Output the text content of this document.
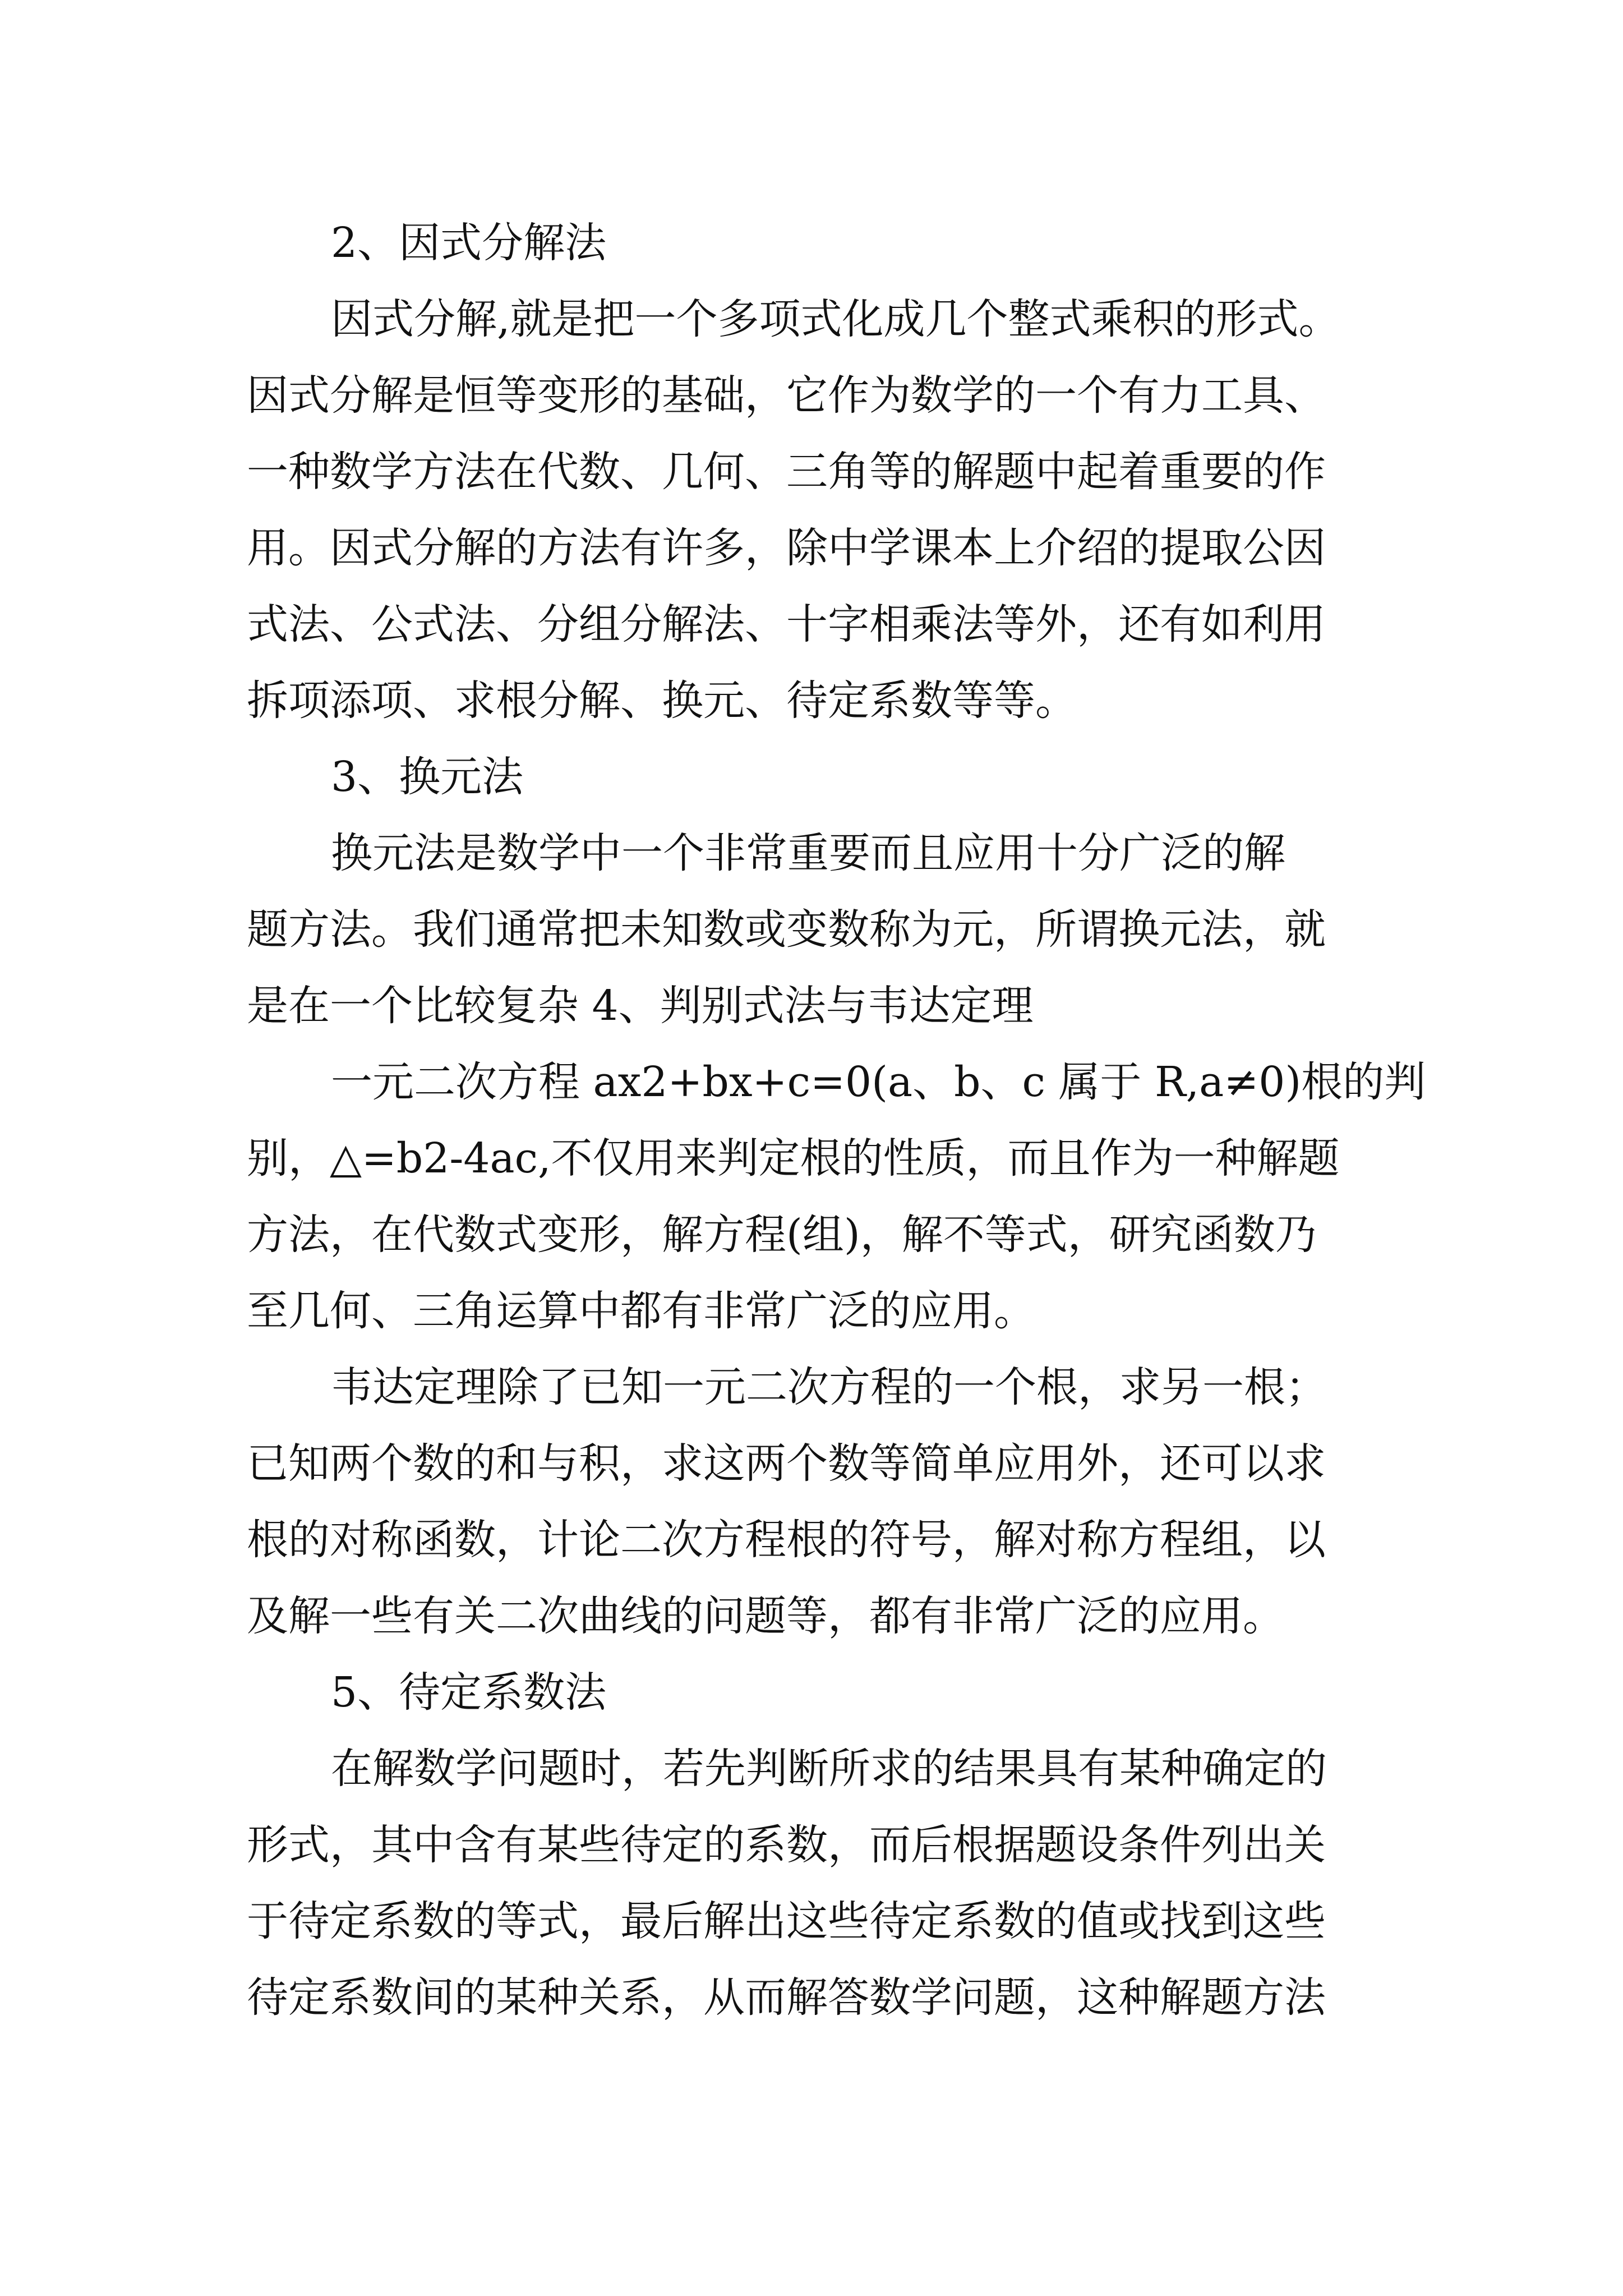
2、因式分解法
因式分解,就是把一个多项式化成几个整式乘积的形式。
因式分解是恒等变形的基础，它作为数学的一个有力工具、
一种数学方法在代数、几何、三角等的解题中起着重要的作
用。因式分解的方法有许多，除中学课本上介绍的提取公因
式法、公式法、分组分解法、十字相乘法等外，还有如利用
拆项添项、求根分解、换元、待定系数等等。
3、换元法
换元法是数学中一个非常重要而且应用十分广泛的解
题方法。我们通常把未知数或变数称为元，所谓换元法，就
是在一个比较复杂 4、判别式法与韦达定理
一元二次方程 ax2+bx+c=0(a、b、c 属于 R,a≠0)根的判
别，△=b2-4ac,不仅用来判定根的性质，而且作为一种解题
方法，在代数式变形，解方程(组)，解不等式，研究函数乃
至几何、三角运算中都有非常广泛的应用。
韦达定理除了已知一元二次方程的一个根，求另一根；
已知两个数的和与积，求这两个数等简单应用外，还可以求
根的对称函数，计论二次方程根的符号，解对称方程组，以
及解一些有关二次曲线的问题等，都有非常广泛的应用。
5、待定系数法
在解数学问题时，若先判断所求的结果具有某种确定的
形式，其中含有某些待定的系数，而后根据题设条件列出关
于待定系数的等式，最后解出这些待定系数的值或找到这些
待定系数间的某种关系，从而解答数学问题，这种解题方法
